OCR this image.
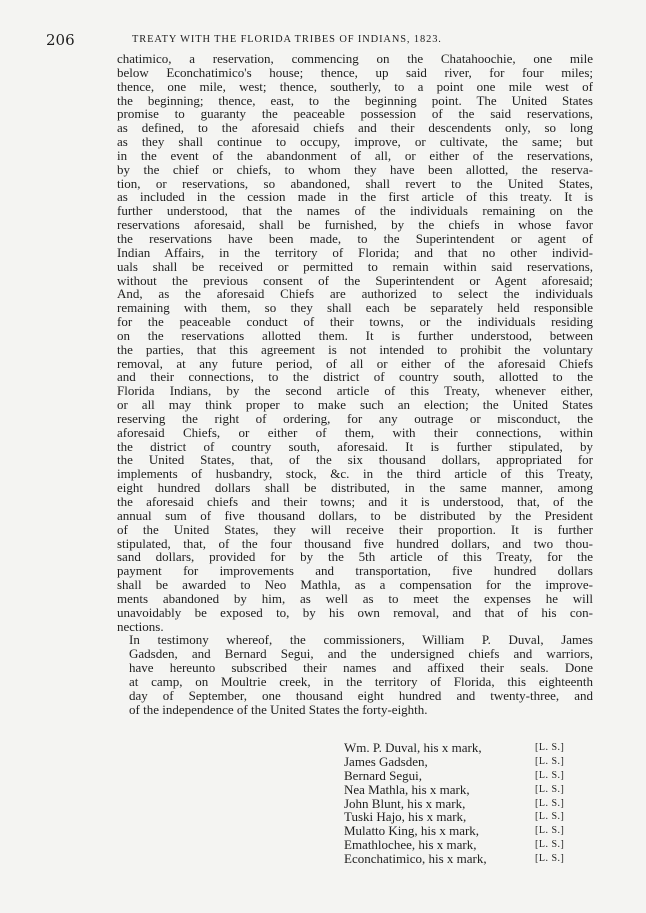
206	TREATY WITH THE FLORIDA TRIBES OF INDIANS, 1823.

chatimico, a reservation, commencing on the Chatahoochie, one mile
below Econchatimico's house; thence, up said river, for four miles;
thence, one mile, west; thence, southerly, to a point one mile west of
the beginning; thence, east, to the beginning point. The United States
promise to guaranty the peaceable possession of the said reservations,
as defined, to the aforesaid chiefs and their descendents only, so long
as they shall continue to occupy, improve, or cultivate, the same; but
in the event of the abandonment of all, or either of the reservations,
by the chief or chiefs, to whom they have been allotted, the reserva-
tion, or reservations, so abandoned, shall revert to the United States,
as included in the cession made in the first article of this treaty. It is
further understood, that the names of the individuals remaining on the
reservations aforesaid, shall be furnished, by the chiefs in whose favor
the reservations have been made, to the Superintendent or agent of
Indian Affairs, in the territory of Florida; and that no other individ-
uals shall be received or permitted to remain within said reservations,
without the previous consent of the Superintendent or Agent aforesaid;
And, as the aforesaid Chiefs are authorized to select the individuals
remaining with them, so they shall each be separately held responsible
for the peaceable conduct of their towns, or the individuals residing
on the reservations allotted them. It is further understood, between
the parties, that this agreement is not intended to prohibit the voluntary
removal, at any future period, of all or either of the aforesaid Chiefs
and their connections, to the district of country south, allotted to the
Florida Indians, by the second article of this Treaty, whenever either,
or all may think proper to make such an election; the United States
reserving the right of ordering, for any outrage or misconduct, the
aforesaid Chiefs, or either of them, with their connections, within
the district of country south, aforesaid. It is further stipulated, by
the United States, that, of the six thousand dollars, appropriated for
implements of husbandry, stock, &c. in the third article of this Treaty,
eight hundred dollars shall be distributed, in the same manner, among
the aforesaid chiefs and their towns; and it is understood, that, of the
annual sum of five thousand dollars, to be distributed by the President
of the United States, they will receive their proportion. It is further
stipulated, that, of the four thousand five hundred dollars, and two thou-
sand dollars, provided for by the 5th article of this Treaty, for the
payment for improvements and transportation, five hundred dollars
shall be awarded to Neo Mathla, as a compensation for the improve-
ments abandoned by him, as well as to meet the expenses he will
unavoidably be exposed to, by his own removal, and that of his con-
nections.

In testimony whereof, the commissioners, William P. Duval, James
Gadsden, and Bernard Segui, and the undersigned chiefs and warriors,
have hereunto subscribed their names and affixed their seals. Done
at camp, on Moultrie creek, in the territory of Florida, this eighteenth
day of September, one thousand eight hundred and twenty-three, and
of the independence of the United States the forty-eighth.

Wm. P. Duval, his x mark,	[L. S.]
James Gadsden,	[L. S.]
Bernard Segui,	[L. S.]
Nea Mathla, his x mark,	[L. S.]
John Blunt, his x mark,	[L. S.]
Tuski Hajo, his x mark,	[L. S.]
Mulatto King, his x mark,	[L. S.]
Emathlochee, his x mark,	[L. S.]
Econchatimico, his x mark,	[L. S.]
